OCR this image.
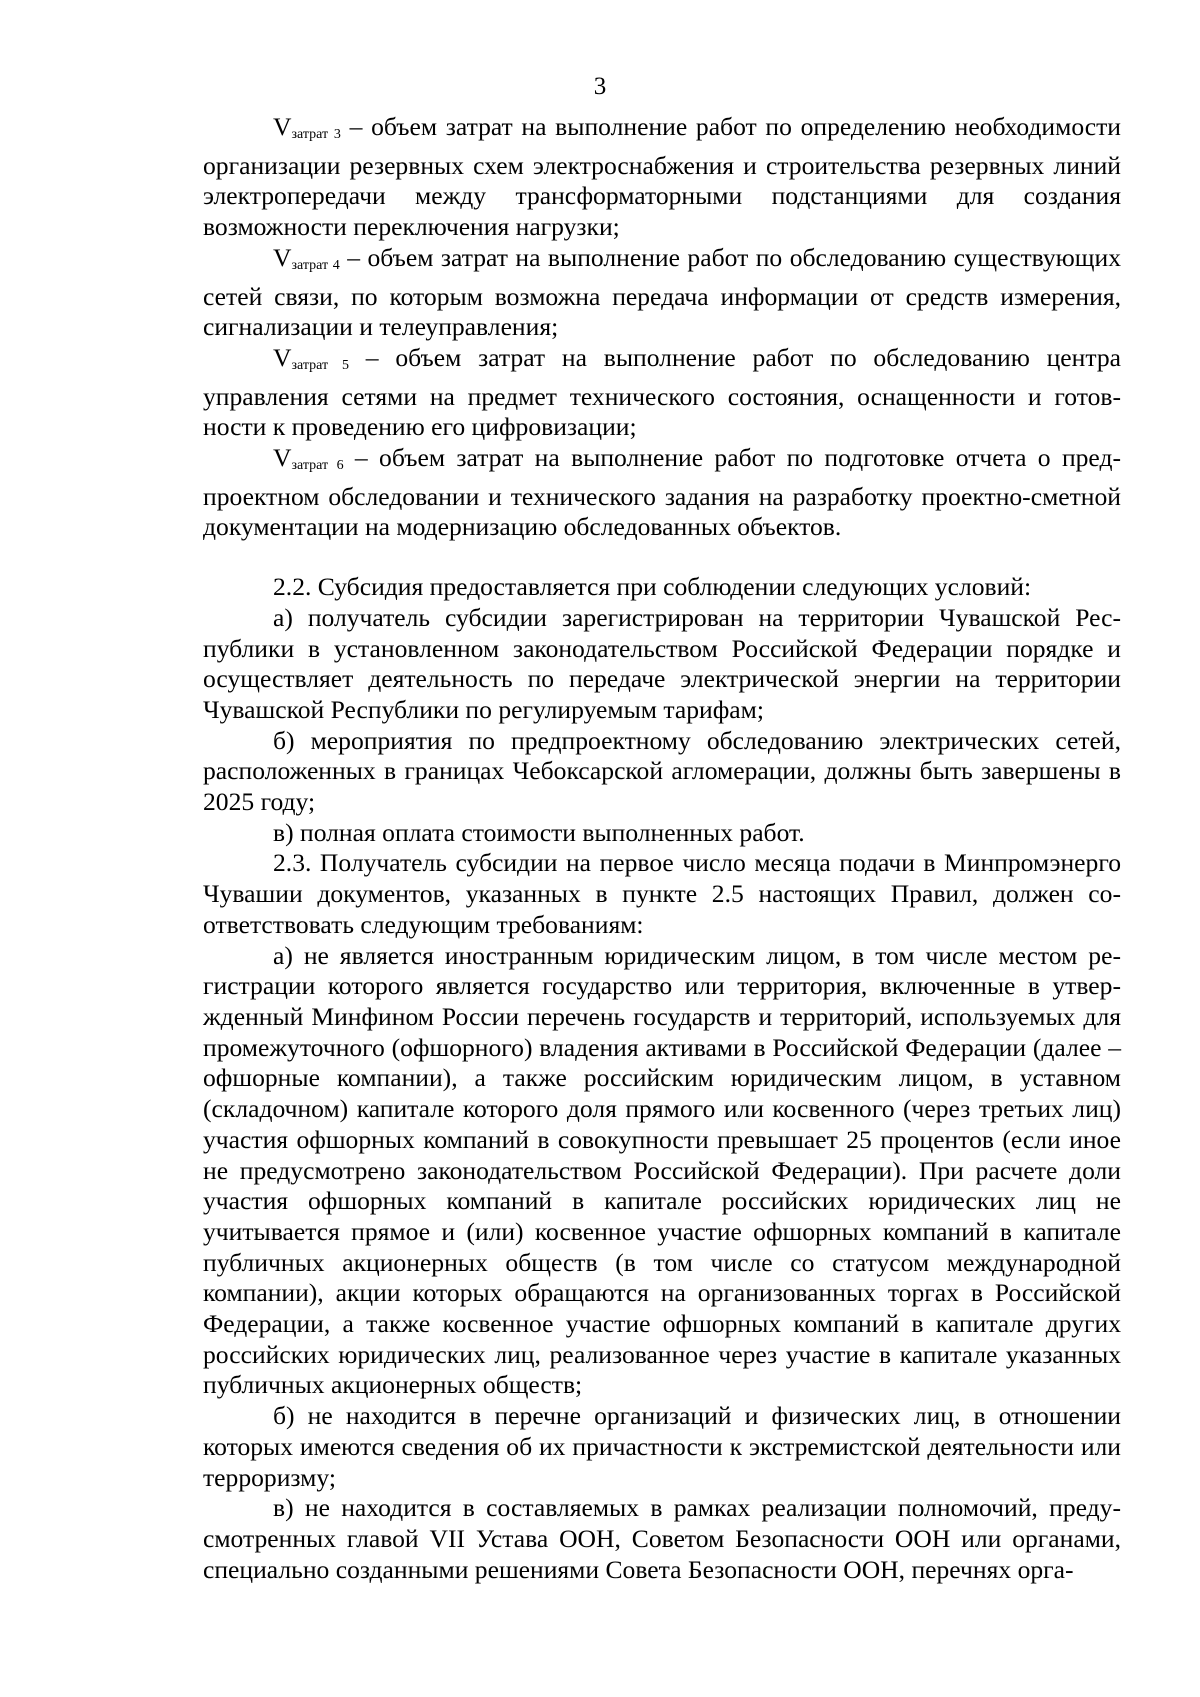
3

$V_{затрат 3}$ – объем затрат на выполнение работ по определению необходимости организации резервных схем электроснабжения и строительства резервных линий электропередачи между трансформаторными подстанциями для создания возможности переключения нагрузки;

$V_{затрат 4}$ – объем затрат на выполнение работ по обследованию существующих сетей связи, по которым возможна передача информации от средств измерения, сигнализации и телеуправления;

$V_{затрат 5}$ – объем затрат на выполнение работ по обследованию центра управления сетями на предмет технического состояния, оснащенности и готовности к проведению его цифровизации;

$V_{затрат 6}$ – объем затрат на выполнение работ по подготовке отчета о предпроектном обследовании и технического задания на разработку проектно-сметной документации на модернизацию обследованных объектов.

2.2. Субсидия предоставляется при соблюдении следующих условий:

а) получатель субсидии зарегистрирован на территории Чувашской Республики в установленном законодательством Российской Федерации порядке и осуществляет деятельность по передаче электрической энергии на территории Чувашской Республики по регулируемым тарифам;

б) мероприятия по предпроектному обследованию электрических сетей, расположенных в границах Чебоксарской агломерации, должны быть завершены в 2025 году;

в) полная оплата стоимости выполненных работ.

2.3. Получатель субсидии на первое число месяца подачи в Минпромэнерго Чувашии документов, указанных в пункте 2.5 настоящих Правил, должен соответствовать следующим требованиям:

а) не является иностранным юридическим лицом, в том числе местом регистрации которого является государство или территория, включенные в утвержденный Минфином России перечень государств и территорий, используемых для промежуточного (офшорного) владения активами в Российской Федерации (далее – офшорные компании), а также российским юридическим лицом, в уставном (складочном) капитале которого доля прямого или косвенного (через третьих лиц) участия офшорных компаний в совокупности превышает 25 процентов (если иное не предусмотрено законодательством Российской Федерации). При расчете доли участия офшорных компаний в капитале российских юридических лиц не учитывается прямое и (или) косвенное участие офшорных компаний в капитале публичных акционерных обществ (в том числе со статусом международной компании), акции которых обращаются на организованных торгах в Российской Федерации, а также косвенное участие офшорных компаний в капитале других российских юридических лиц, реализованное через участие в капитале указанных публичных акционерных обществ;

б) не находится в перечне организаций и физических лиц, в отношении которых имеются сведения об их причастности к экстремистской деятельности или терроризму;

в) не находится в составляемых в рамках реализации полномочий, предусмотренных главой VII Устава ООН, Советом Безопасности ООН или органами, специально созданными решениями Совета Безопасности ООН, перечнях орга-
